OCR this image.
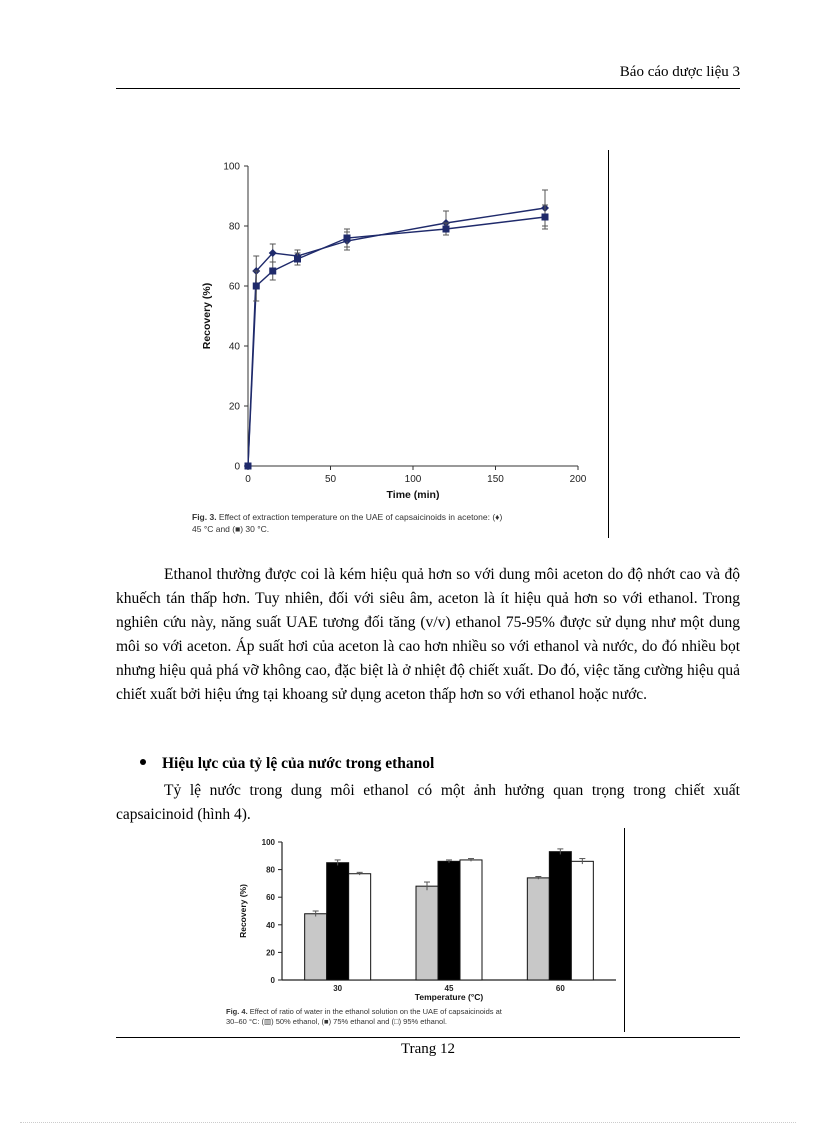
Báo cáo dược liệu 3
0
20
40
60
80
100
0	50	100	150	200
Time (min)
Recovery (%)
Fig. 3. Effect of extraction temperature on the UAE of capsaicinoids in acetone: (♦)
45 °C and (■) 30 °C.
Ethanol thường được coi là kém hiệu quả hơn so với dung môi aceton do độ nhớt cao và độ khuếch tán thấp hơn. Tuy nhiên, đối với siêu âm, aceton là ít hiệu quả hơn so với ethanol. Trong nghiên cứu này, năng suất UAE tương đối tăng (v/v) ethanol 75-95% được sử dụng như một dung môi so với aceton. Áp suất hơi của aceton là cao hơn nhiều so với ethanol và nước, do đó nhiều bọt nhưng hiệu quả phá vỡ không cao, đặc biệt là ở nhiệt độ chiết xuất. Do đó, việc tăng cường hiệu quả chiết xuất bởi hiệu ứng tại khoang sử dụng aceton thấp hơn so với ethanol hoặc nước.
Hiệu lực của tỷ lệ của nước trong ethanol
Tỷ lệ nước trong dung môi ethanol có một ảnh hưởng quan trọng trong chiết xuất capsaicinoid (hình 4).
0
20
40
60
80
100
Recovery (%)
30	45	60
Temperature (°C)
Fig. 4. Effect of ratio of water in the ethanol solution on the UAE of capsaicinoids at
30–60 °C: (▥) 50% ethanol, (■) 75% ethanol and (□) 95% ethanol.
Trang 12
